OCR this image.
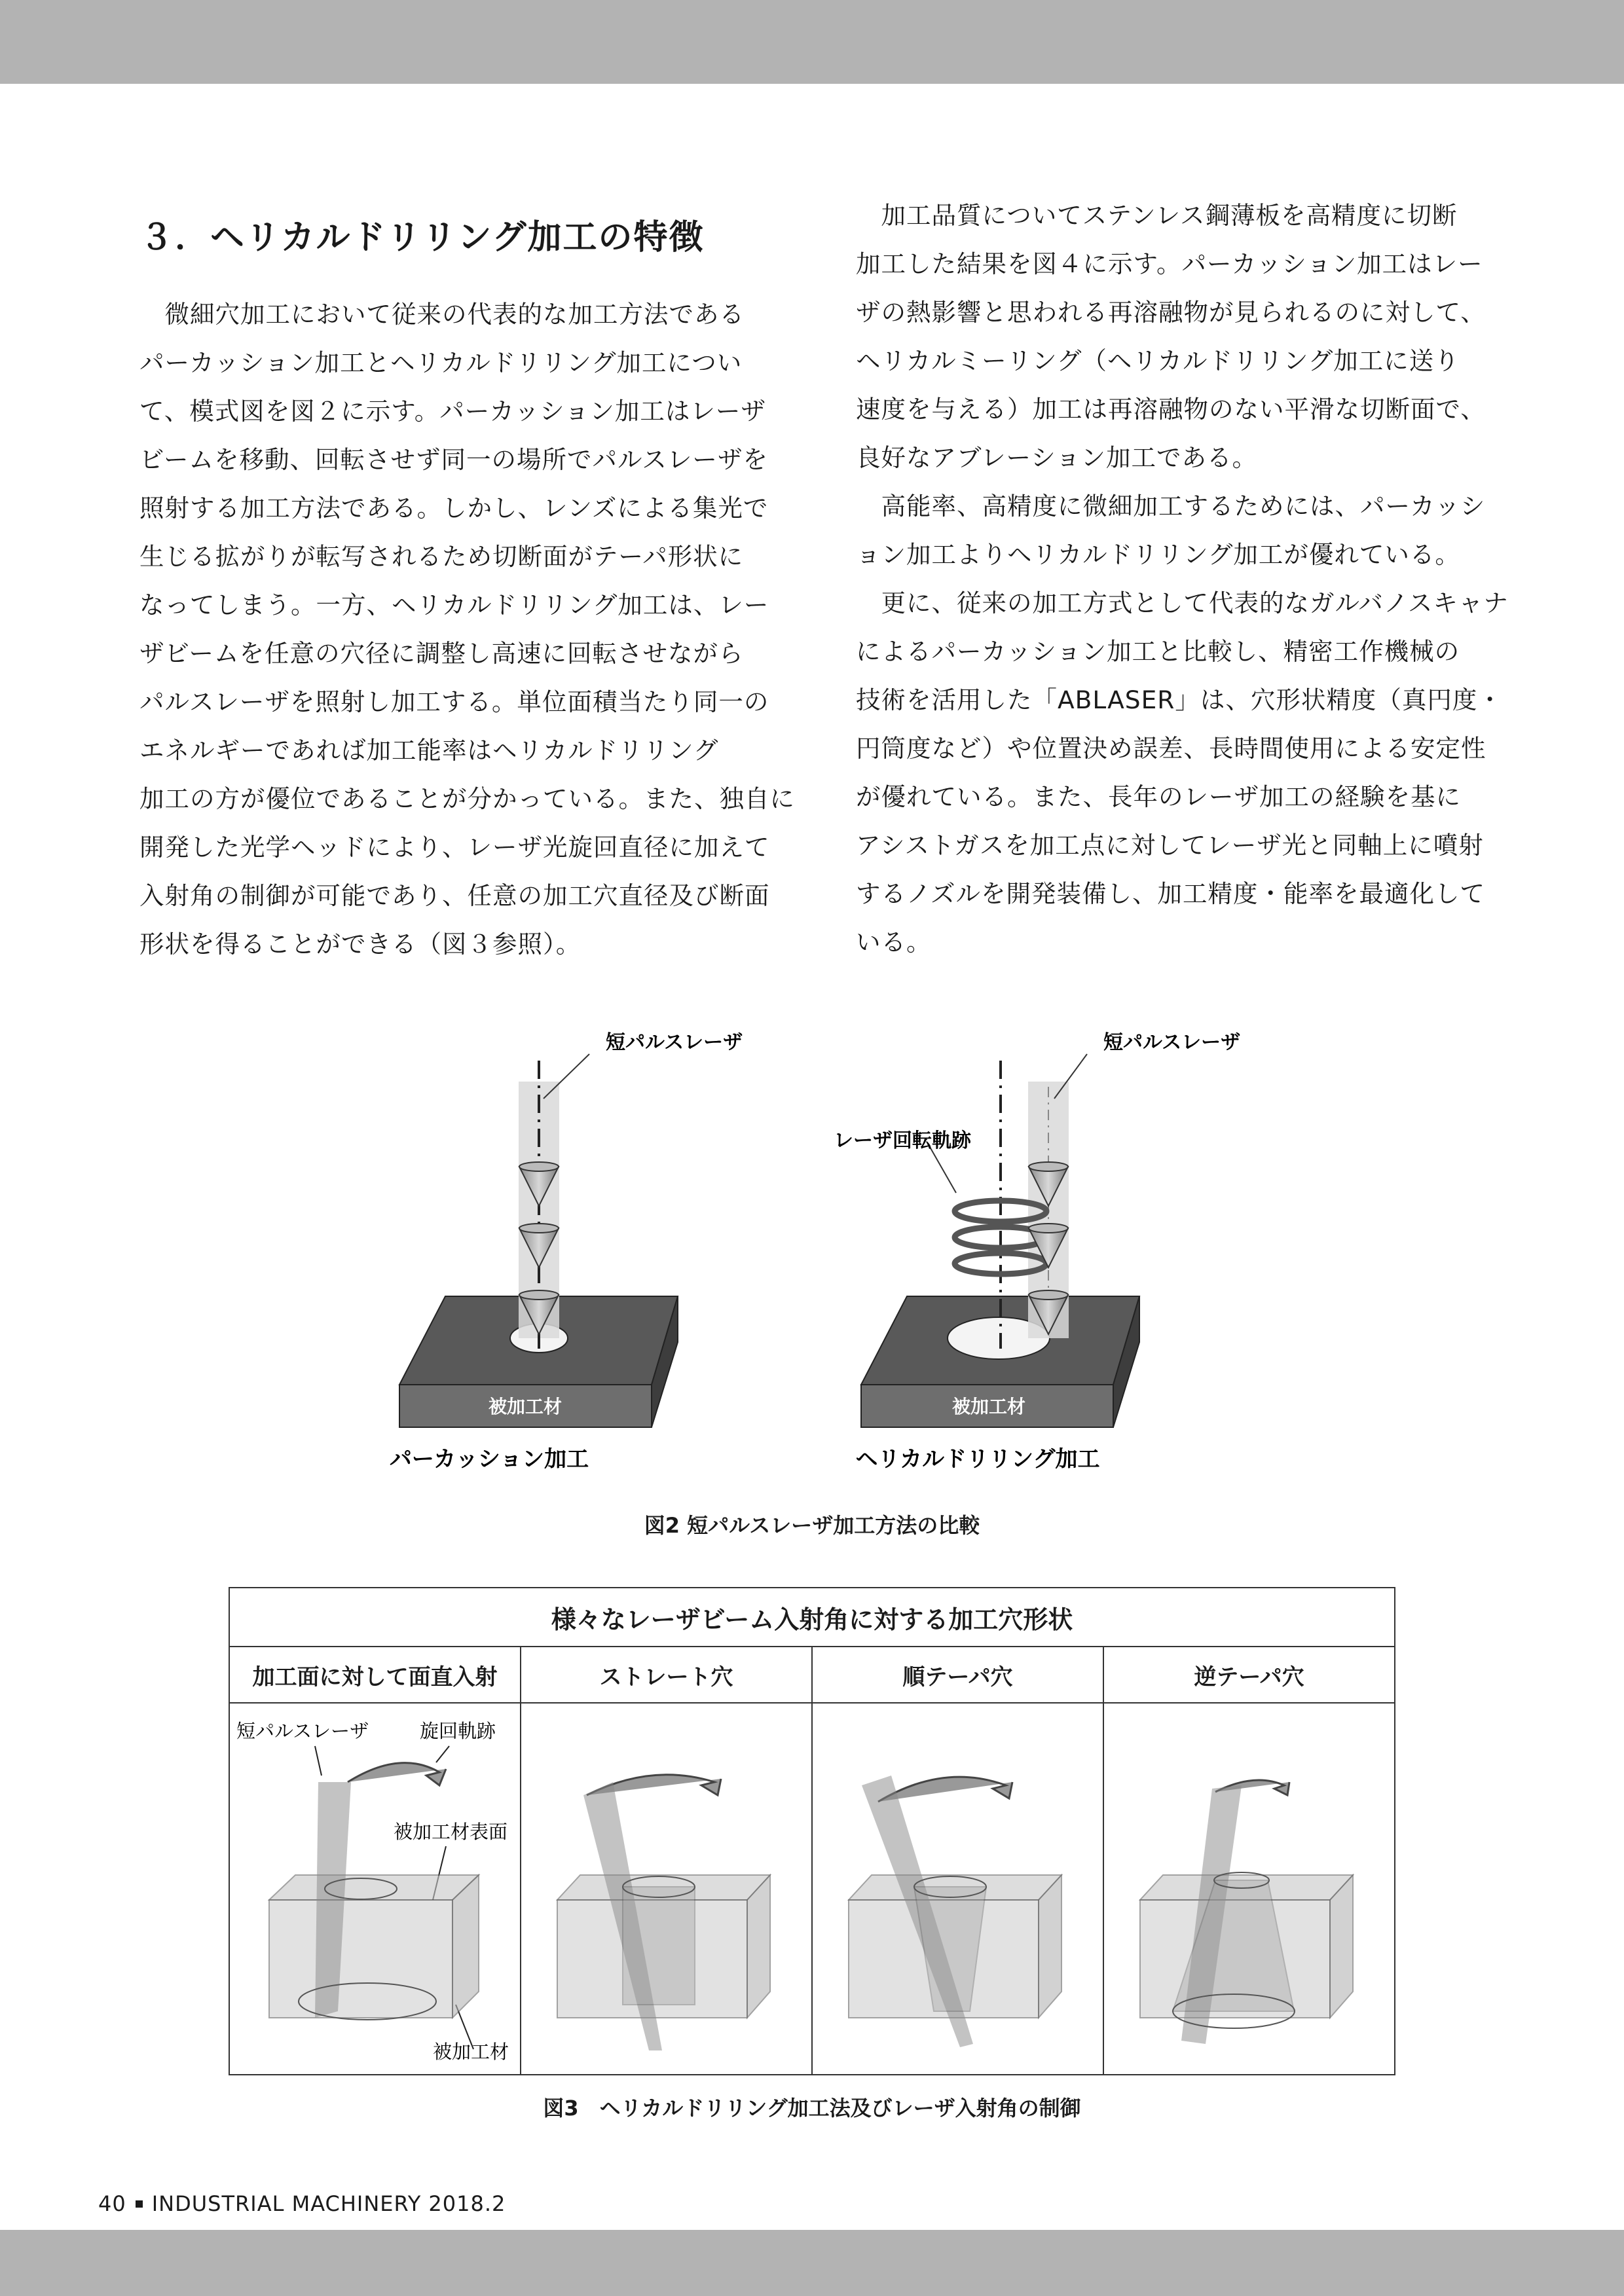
３．ヘリカルドリリング加工の特徴
　微細穴加工において従来の代表的な加工方法である
パーカッション加工とヘリカルドリリング加工につい
て、模式図を図２に示す。パーカッション加工はレーザ
ビームを移動、回転させず同一の場所でパルスレーザを
照射する加工方法である。しかし、レンズによる集光で
生じる拡がりが転写されるため切断面がテーパ形状に
なってしまう。一方、ヘリカルドリリング加工は、レー
ザビームを任意の穴径に調整し高速に回転させながら
パルスレーザを照射し加工する。単位面積当たり同一の
エネルギーであれば加工能率はヘリカルドリリング
加工の方が優位であることが分かっている。また、独自に
開発した光学ヘッドにより、レーザ光旋回直径に加えて
入射角の制御が可能であり、任意の加工穴直径及び断面
形状を得ることができる（図３参照）。
　加工品質についてステンレス鋼薄板を高精度に切断
加工した結果を図４に示す。パーカッション加工はレー
ザの熱影響と思われる再溶融物が見られるのに対して、
ヘリカルミーリング（ヘリカルドリリング加工に送り
速度を与える）加工は再溶融物のない平滑な切断面で、
良好なアブレーション加工である。
　高能率、高精度に微細加工するためには、パーカッシ
ョン加工よりヘリカルドリリング加工が優れている。
　更に、従来の加工方式として代表的なガルバノスキャナ
によるパーカッション加工と比較し、精密工作機械の
技術を活用した「ABLASER」は、穴形状精度（真円度・
円筒度など）や位置決め誤差、長時間使用による安定性
が優れている。また、長年のレーザ加工の経験を基に
アシストガスを加工点に対してレーザ光と同軸上に噴射
するノズルを開発装備し、加工精度・能率を最適化して
いる。
短パルスレーザ
被加工材
パーカッション加工
短パルスレーザ
レーザ回転軌跡
被加工材
ヘリカルドリリング加工
図2 短パルスレーザ加工方法の比較
様々なレーザビーム入射角に対する加工穴形状			
加工面に対して面直入射	ストレート穴	順テーパ穴	逆テーパ穴

短パルスレーザ 旋回軌跡
被加工材表面
被加工材

図3　ヘリカルドリリング加工法及びレーザ入射角の制御
40 INDUSTRIAL MACHINERY 2018.2
